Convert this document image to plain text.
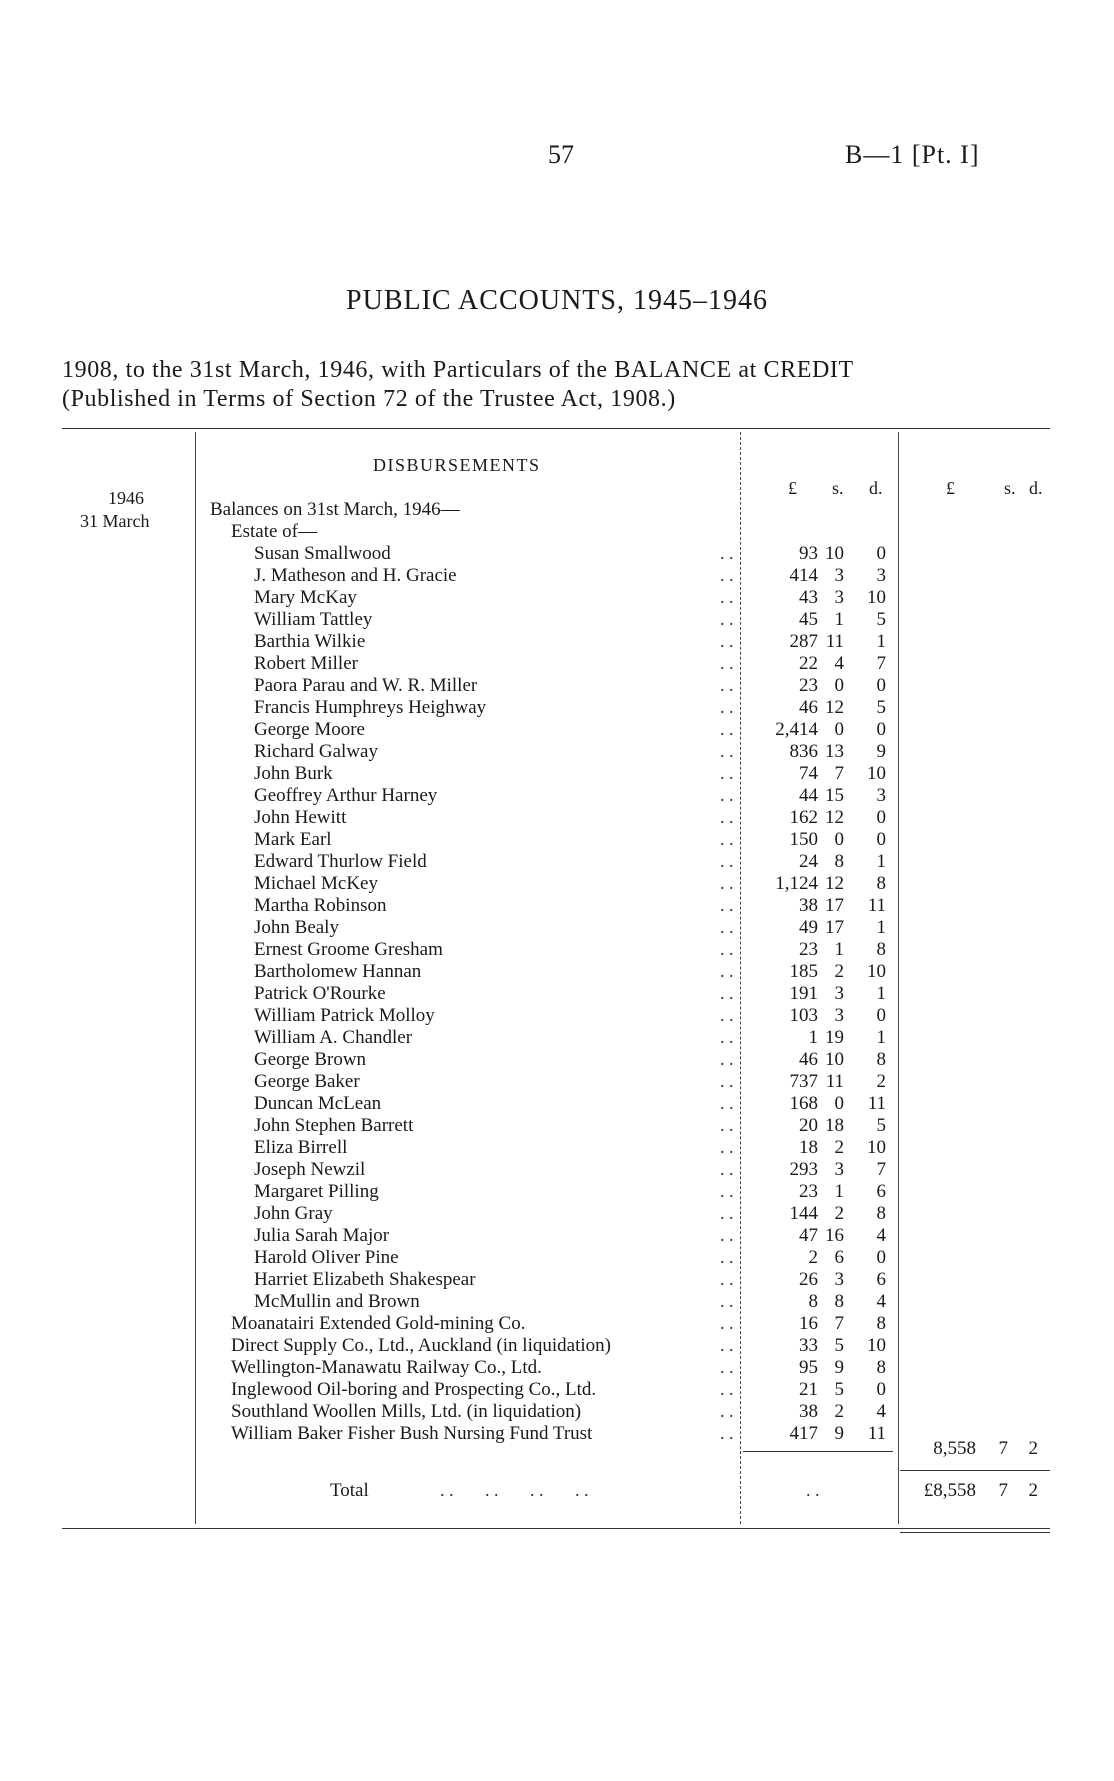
57	B—1 [Pt. I]
PUBLIC ACCOUNTS, 1945–1946
1908, to the 31st March, 1946, with Particulars of the BALANCE at CREDIT
(Published in Terms of Section 72 of the Trustee Act, 1908.)
DISBURSEMENTS
£ s. d.	£	s. d.
1946
31 March
Balances on 31st March, 1946—
Estate of—
Susan Smallwood	93 10	0
. .
J. Matheson and H. Gracie	414 3	3
. .
Mary McKay	43 3	10
. .
William Tattley	45 1	5
. .
Barthia Wilkie	287 11	1
. .
Robert Miller	22 4	7
. .
Paora Parau and W. R. Miller	23 0	0
. .
Francis Humphreys Heighway	46 12	5
. .
George Moore	2,414 0	0
. .
Richard Galway	836 13	9
. .
John Burk	74 7	10
. .
Geoffrey Arthur Harney	44 15	3
. .
John Hewitt	162 12	0
. .
Mark Earl	150 0	0
. .
Edward Thurlow Field	24 8	1
. .
Michael McKey	1,124 12	8
. .
Martha Robinson	38 17	11
. .
John Bealy	49 17	1
. .
Ernest Groome Gresham	23 1	8
. .
Bartholomew Hannan	185 2	10
. .
Patrick O'Rourke	191 3	1
. .
William Patrick Molloy	103 3	0
. .
William A. Chandler	1 19	1
. .
George Brown	46 10	8
. .
George Baker	737 11	2
. .
Duncan McLean	168 0	11
. .
John Stephen Barrett	20 18	5
. .
Eliza Birrell	18 2	10
. .
Joseph Newzil	293 3	7
. .
Margaret Pilling	23 1	6
. .
John Gray	144 2	8
. .
Julia Sarah Major	47 16	4
. .
Harold Oliver Pine	2 6	0
. .
Harriet Elizabeth Shakespear	26 3	6
. .
McMullin and Brown	8 8	4
. .
Moanatairi Extended Gold-mining Co.	16 7	8
. .
Direct Supply Co., Ltd., Auckland (in liquidation)	33 5	10
. .
Wellington-Manawatu Railway Co., Ltd.	95 9	8
. .
Inglewood Oil-boring and Prospecting Co., Ltd.	21 5	0
. .
Southland Woollen Mills, Ltd. (in liquidation)	38 2	4
. .
William Baker Fisher Bush Nursing Fund Trust	417 9	11
. .
8,558	7	2
Total	. .       . .       . .       . .	. .	£8,558	7	2
